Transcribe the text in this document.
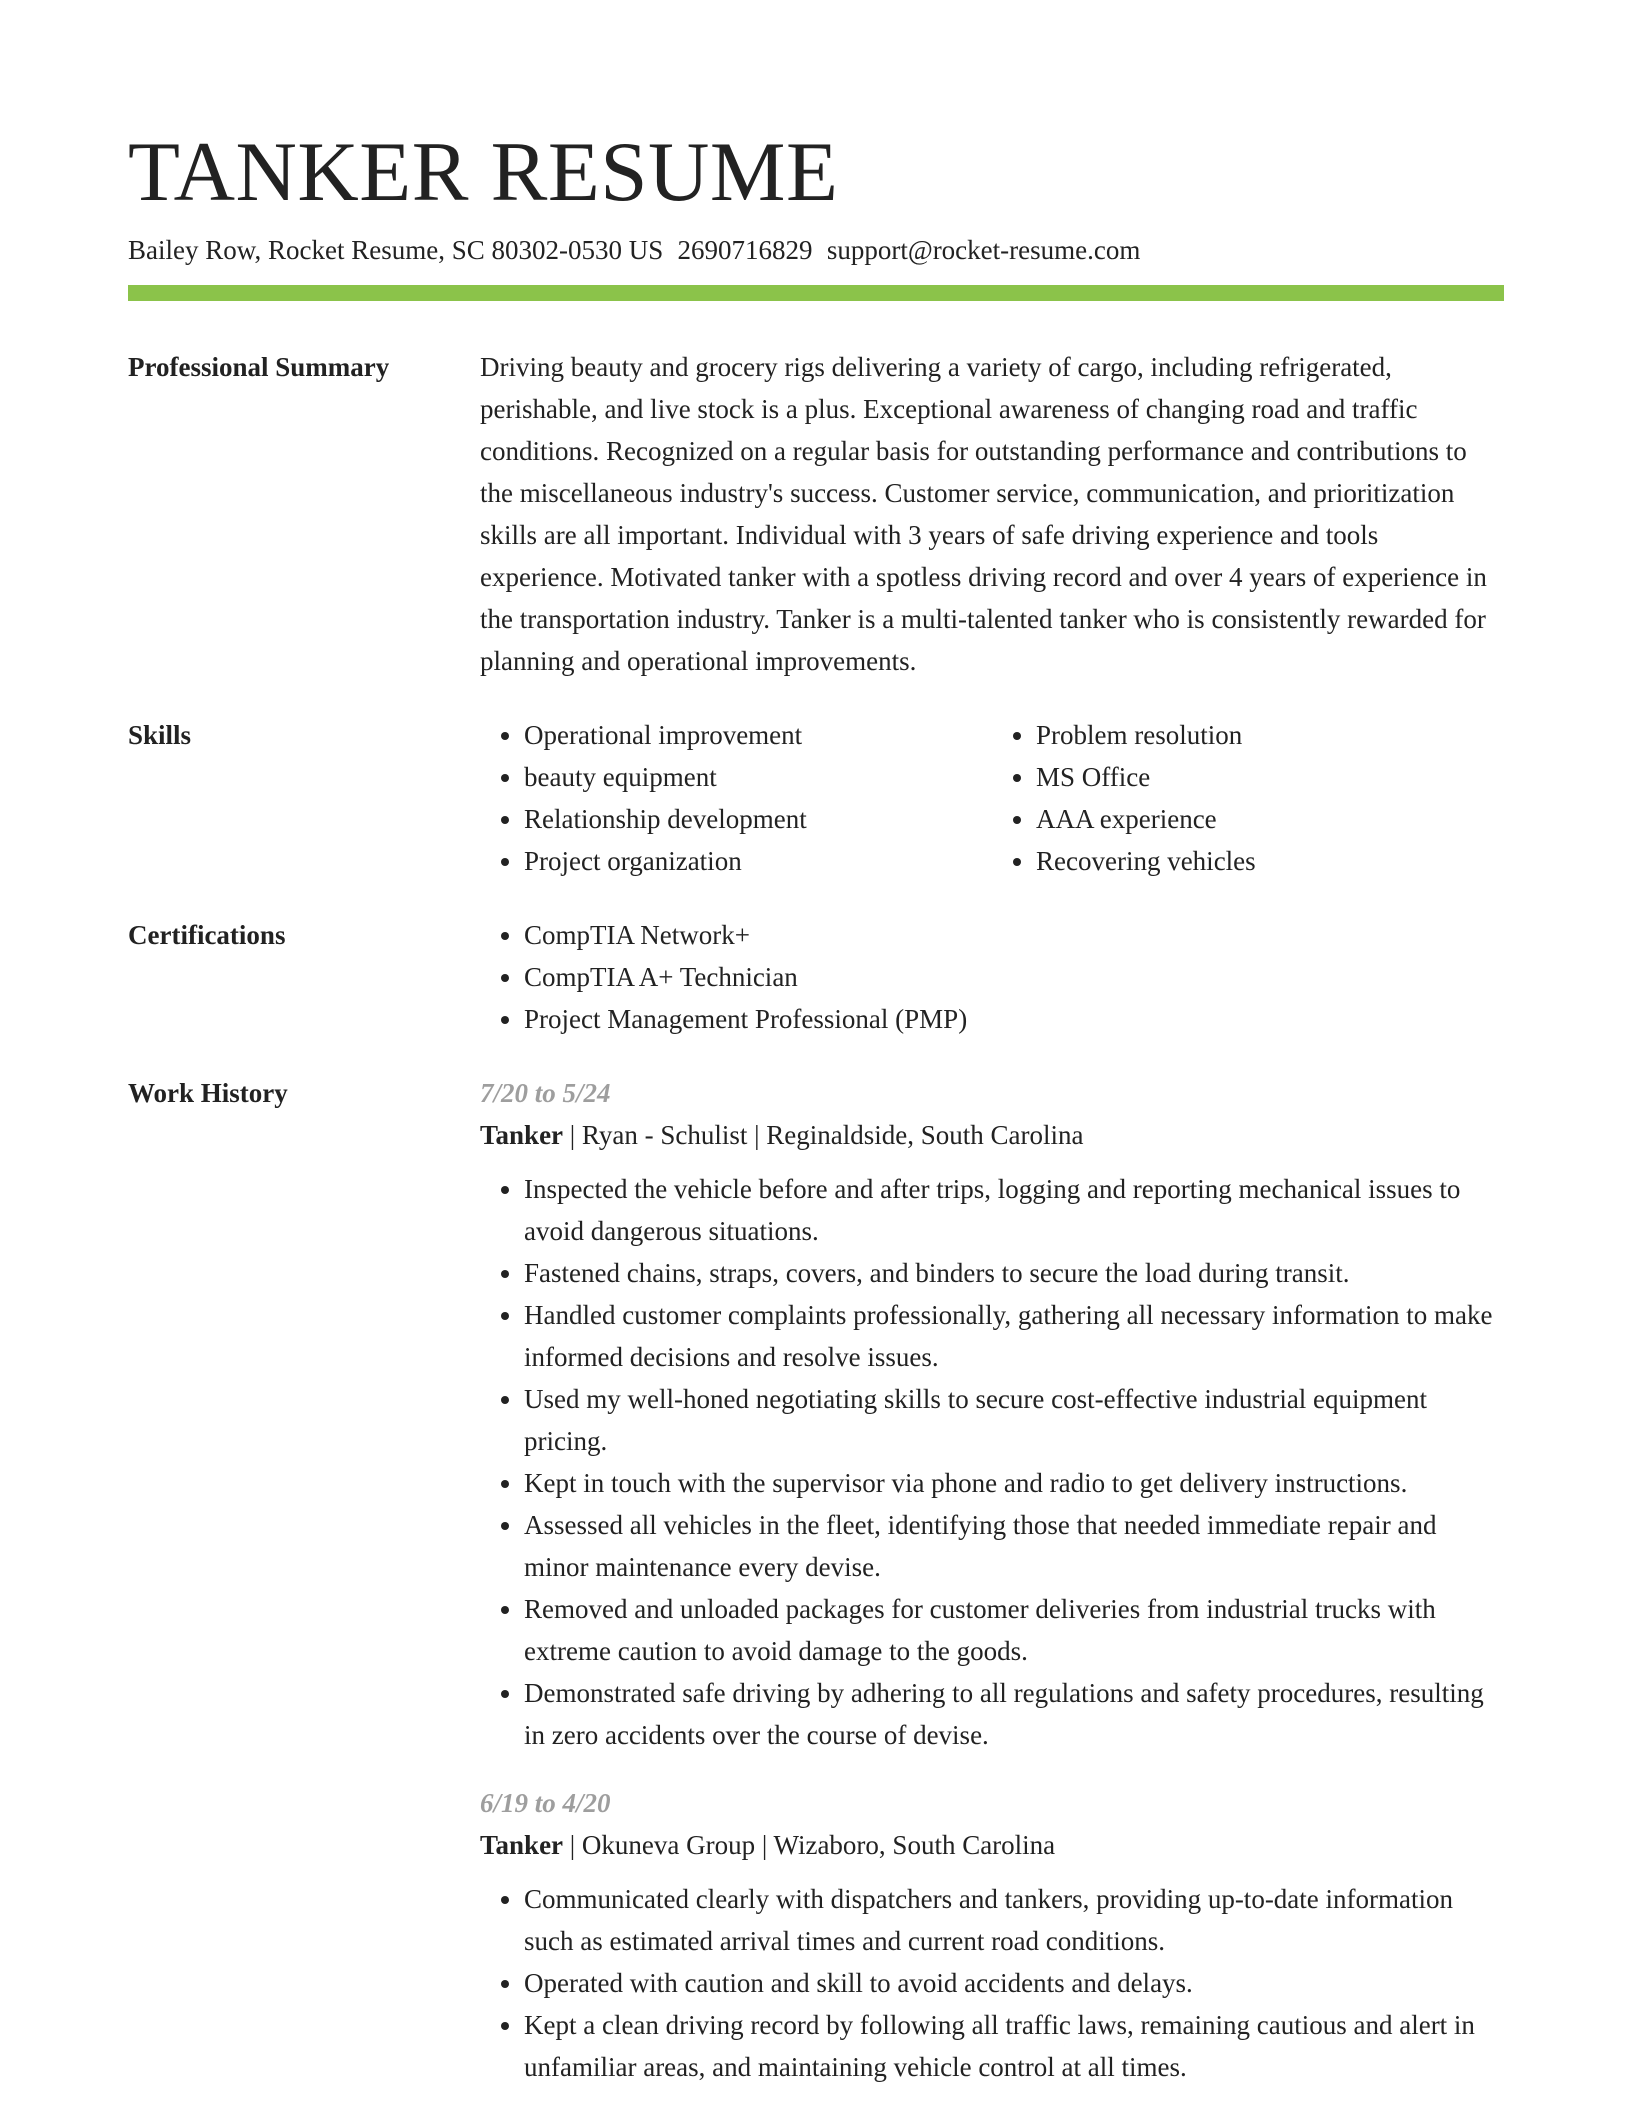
TANKER RESUME
Bailey Row, Rocket Resume, SC 80302-0530 US 2690716829 support@rocket-resume.com
Professional Summary	Driving beauty and grocery rigs delivering a variety of cargo, including refrigerated, perishable, and live stock is a plus. Exceptional awareness of changing road and traffic conditions. Recognized on a regular basis for outstanding performance and contributions to the miscellaneous industry's success. Customer service, communication, and prioritization skills are all important. Individual with 3 years of safe driving experience and tools experience. Motivated tanker with a spotless driving record and over 4 years of experience in the transportation industry. Tanker is a multi-talented tanker who is consistently rewarded for planning and operational improvements.

Skills	• Operational improvement
• beauty equipment
• Relationship development
• Project organization
• Problem resolution
• MS Office
• AAA experience
• Recovering vehicles
Certifications	• CompTIA Network+
• CompTIA A+ Technician
• Project Management Professional (PMP)
Work History	7/20 to 5/24
Tanker | Ryan - Schulist | Reginaldside, South Carolina
• Inspected the vehicle before and after trips, logging and reporting mechanical issues to avoid dangerous situations.
• Fastened chains, straps, covers, and binders to secure the load during transit.
• Handled customer complaints professionally, gathering all necessary information to make informed decisions and resolve issues.
• Used my well-honed negotiating skills to secure cost-effective industrial equipment pricing.
• Kept in touch with the supervisor via phone and radio to get delivery instructions.
• Assessed all vehicles in the fleet, identifying those that needed immediate repair and minor maintenance every devise.
• Removed and unloaded packages for customer deliveries from industrial trucks with extreme caution to avoid damage to the goods.
• Demonstrated safe driving by adhering to all regulations and safety procedures, resulting in zero accidents over the course of devise.
6/19 to 4/20
Tanker | Okuneva Group | Wizaboro, South Carolina
• Communicated clearly with dispatchers and tankers, providing up-to-date information such as estimated arrival times and current road conditions.
• Operated with caution and skill to avoid accidents and delays.
• Kept a clean driving record by following all traffic laws, remaining cautious and alert in unfamiliar areas, and maintaining vehicle control at all times.
